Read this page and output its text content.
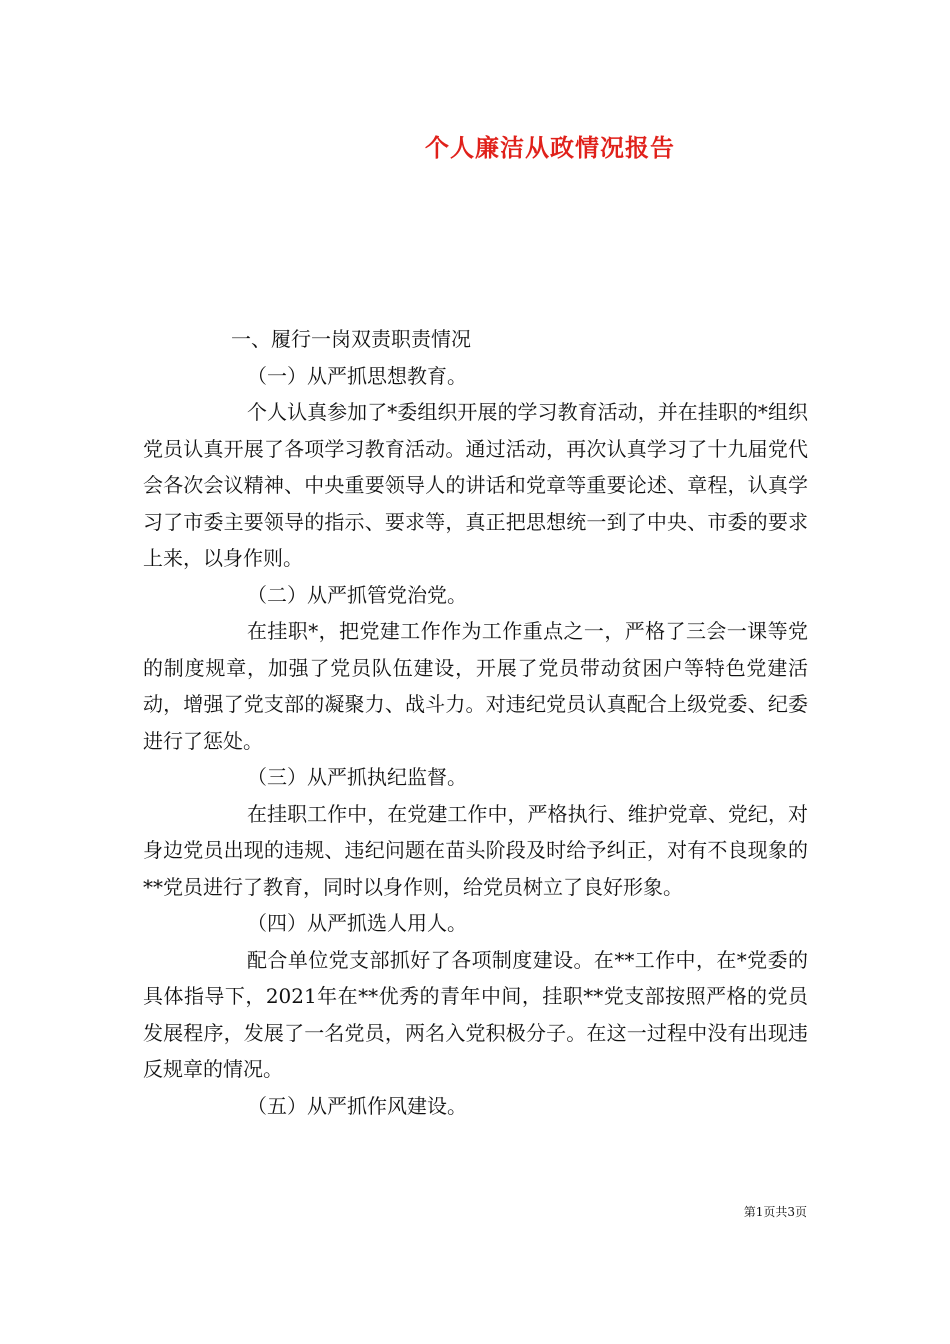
个人廉洁从政情况报告

一、履行一岗双责职责情况

（一）从严抓思想教育。

个人认真参加了*委组织开展的学习教育活动，并在挂职的*组织党员认真开展了各项学习教育活动。通过活动，再次认真学习了十九届党代会各次会议精神、中央重要领导人的讲话和党章等重要论述、章程，认真学习了市委主要领导的指示、要求等，真正把思想统一到了中央、市委的要求上来，以身作则。

（二）从严抓管党治党。

在挂职*，把党建工作作为工作重点之一，严格了三会一课等党的制度规章，加强了党员队伍建设，开展了党员带动贫困户等特色党建活动，增强了党支部的凝聚力、战斗力。对违纪党员认真配合上级党委、纪委进行了惩处。

（三）从严抓执纪监督。

在挂职工作中，在党建工作中，严格执行、维护党章、党纪，对身边党员出现的违规、违纪问题在苗头阶段及时给予纠正，对有不良现象的**党员进行了教育，同时以身作则，给党员树立了良好形象。

（四）从严抓选人用人。

配合单位党支部抓好了各项制度建设。在**工作中，在*党委的具体指导下，2021年在**优秀的青年中间，挂职**党支部按照严格的党员发展程序，发展了一名党员，两名入党积极分子。在这一过程中没有出现违反规章的情况。

（五）从严抓作风建设。

第1页共3页
